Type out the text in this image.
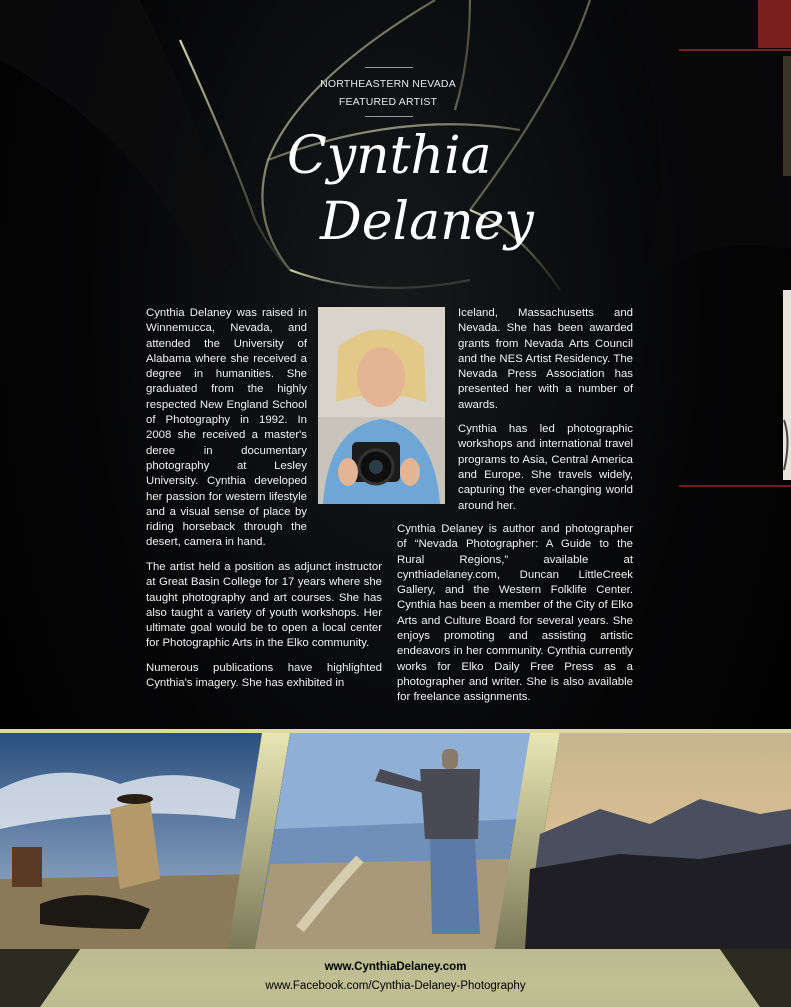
NORTHEASTERN NEVADA
FEATURED ARTIST
Cynthia
Delaney

Cynthia Delaney was raised in Winnemucca, Nevada, and attended the University of Alabama where she received a degree in humanities. She graduated from the highly respected New England School of Photography in 1992. In 2008 she received a master's deree in documentary photography at Lesley University. Cynthia developed her passion for western lifestyle and a visual sense of place by riding horseback through the desert, camera in hand.

The artist held a position as adjunct instructor at Great Basin College for 17 years where she taught photography and art courses. She has also taught a variety of youth workshops. Her ultimate goal would be to open a local center for Photographic Arts in the Elko community.

Numerous publications have highlighted Cynthia's imagery. She has exhibited in

Iceland, Massachusetts and Nevada. She has been awarded grants from Nevada Arts Council and the NES Artist Residency. The Nevada Press Association has presented her with a number of awards.

Cynthia has led photographic workshops and international travel programs to Asia, Central America and Europe. She travels widely, capturing the ever-changing world around her.

Cynthia Delaney is author and photographer of “Nevada Photographer: A Guide to the Rural Regions,” available at cynthiadelaney.com, Duncan LittleCreek Gallery, and the Western Folklife Center. Cynthia has been a member of the City of Elko Arts and Culture Board for several years. She enjoys promoting and assisting artistic endeavors in her community. Cynthia currently works for Elko Daily Free Press as a photographer and writer. She is also available for freelance assignments.

www.CynthiaDelaney.com
www.Facebook.com/Cynthia-Delaney-Photography
